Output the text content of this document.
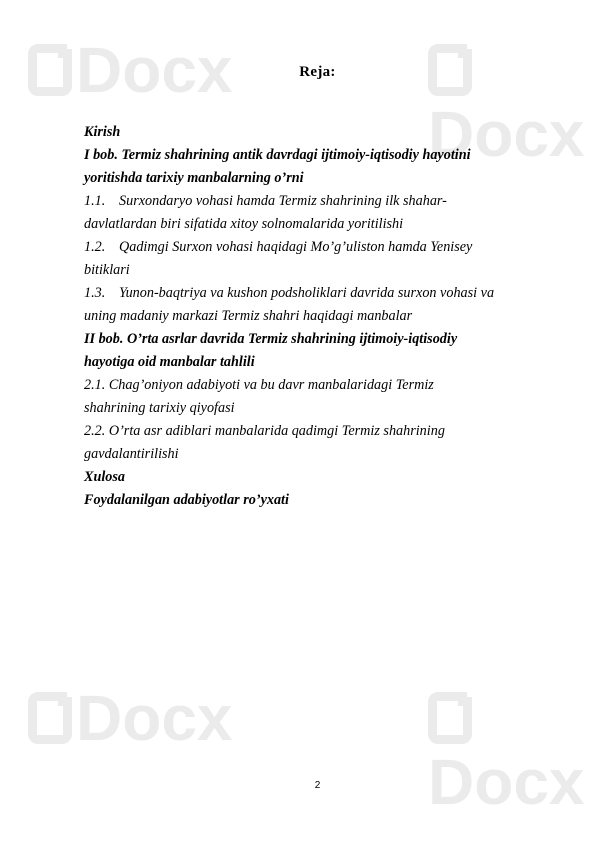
Docx
Docx
Docx
Docx
Reja:
Kirish
I bob. Termiz shahrining antik davrdagi ijtimoiy-iqtisodiy hayotini
yoritishda tarixiy manbalarning o’rni
1.1. Surxondaryo vohasi hamda Termiz shahrining ilk shahar-
davlatlardan biri sifatida xitoy solnomalarida yoritilishi
1.2. Qadimgi Surxon vohasi haqidagi Mo’g’uliston hamda Yenisey
bitiklari
1.3. Yunon-baqtriya va kushon podsholiklari davrida surxon vohasi va
uning madaniy markazi Termiz shahri haqidagi manbalar
II bob. O’rta asrlar davrida Termiz shahrining ijtimoiy-iqtisodiy
hayotiga oid manbalar tahlili
2.1. Chag’oniyon adabiyoti va bu davr manbalaridagi Termiz
shahrining tarixiy qiyofasi
2.2. O’rta asr adiblari manbalarida qadimgi Termiz shahrining
gavdalantirilishi
Xulosa
Foydalanilgan adabiyotlar ro’yxati
2
